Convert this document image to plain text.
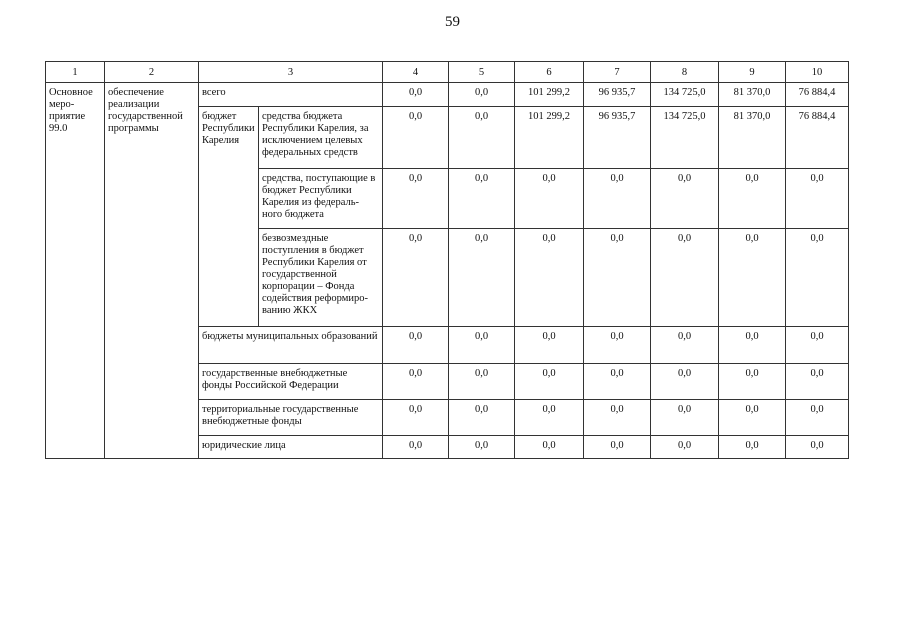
59
1	2	3		4	5	6	7	8	9	10
Основное меро-приятие 99.0	обеспечение реализации государственной программы	всего		0,0	0,0	101 299,2	96 935,7	134 725,0	81 370,0	76 884,4
		бюджет Республики Карелия	средства бюджета Республики Карелия, за исключением целевых федеральных средств	0,0	0,0	101 299,2	96 935,7	134 725,0	81 370,0	76 884,4
			средства, поступающие в бюджет Республики Карелия из федераль-ного бюджета	0,0	0,0	0,0	0,0	0,0	0,0	0,0
			безвозмездные поступления в бюджет Республики Карелия от государственной корпорации – Фонда содействия реформиро-ванию ЖКХ	0,0	0,0	0,0	0,0	0,0	0,0	0,0
		бюджеты муниципальных образований		0,0	0,0	0,0	0,0	0,0	0,0	0,0
		государственные внебюджетные фонды Российской Федерации		0,0	0,0	0,0	0,0	0,0	0,0	0,0
		территориальные государственные внебюджетные фонды		0,0	0,0	0,0	0,0	0,0	0,0	0,0
		юридические лица		0,0	0,0	0,0	0,0	0,0	0,0	0,0
